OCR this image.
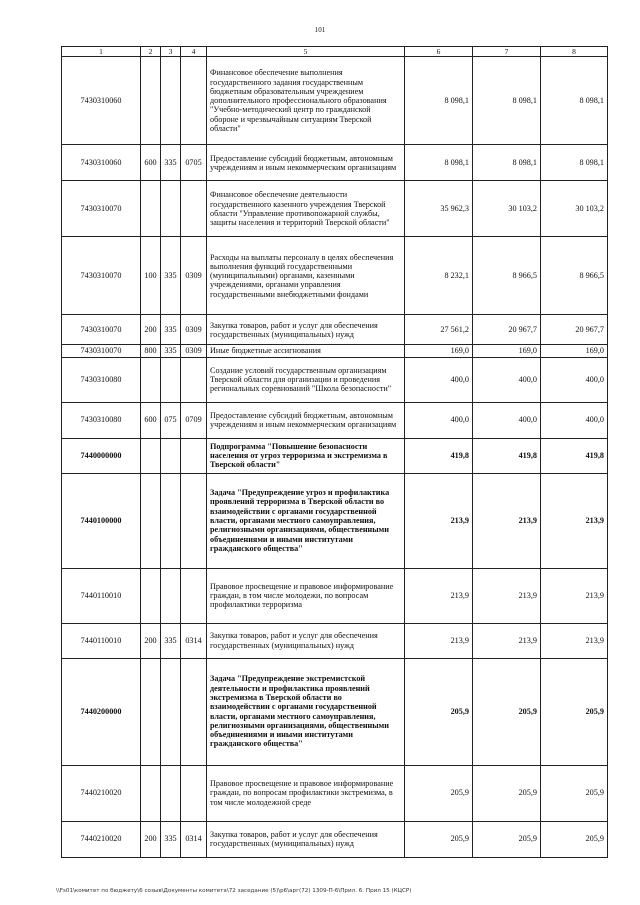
101
1	2	3	4	5	6	7	8
7430310060				Финансовое обеспечение выполнения государственного задания государственным бюджетным образовательным учреждением дополнительного профессионального образования "Учебно-методический центр по гражданской обороне и чрезвычайным ситуациям Тверской области"	8 098,1	8 098,1	8 098,1
7430310060	600	335	0705	Предоставление субсидий бюджетным, автономным учреждениям и иным некоммерческим организациям	8 098,1	8 098,1	8 098,1
7430310070				Финансовое обеспечение деятельности государственного казенного учреждения Тверской области "Управление противопожарной службы, защиты населения и территорий Тверской области"	35 962,3	30 103,2	30 103,2
7430310070	100	335	0309	Расходы на выплаты персоналу в целях обеспечения выполнения функций государственными (муниципальными) органами, казенными учреждениями, органами управления государственными внебюджетными фондами	8 232,1	8 966,5	8 966,5
7430310070	200	335	0309	Закупка товаров, работ и услуг для обеспечения государственных (муниципальных) нужд	27 561,2	20 967,7	20 967,7
7430310070	800	335	0309	Иные бюджетные ассигнования	169,0	169,0	169,0
7430310080				Создание условий государственным организациям Тверской области для организации и проведения региональных соревнований "Школа безопасности"	400,0	400,0	400,0
7430310080	600	075	0709	Предоставление субсидий бюджетным, автономным учреждениям и иным некоммерческим организациям	400,0	400,0	400,0
7440000000				Подпрограмма "Повышение безопасности населения от угроз терроризма и экстремизма в Тверской области"	419,8	419,8	419,8
7440100000				Задача "Предупреждение угроз и профилактика проявлений терроризма в Тверской области во взаимодействии с органами государственной власти, органами местного самоуправления, религиозными организациями, общественными объединениями и иными институтами гражданского общества"	213,9	213,9	213,9
7440110010				Правовое просвещение и правовое информирование граждан, в том числе молодежи, по вопросам профилактики терроризма	213,9	213,9	213,9
7440110010	200	335	0314	Закупка товаров, работ и услуг для обеспечения государственных (муниципальных) нужд	213,9	213,9	213,9
7440200000				Задача "Предупреждение экстремистской деятельности и профилактика проявлений экстремизма в Тверской области во взаимодействии с органами государственной власти, органами местного самоуправления, религиозными организациями, общественными объединениями и иными институтами гражданского общества"	205,9	205,9	205,9
7440210020				Правовое просвещение и правовое информирование граждан, по вопросам профилактики экстремизма, в том числе молодежной среде	205,9	205,9	205,9
7440210020	200	335	0314	Закупка товаров, работ и услуг для обеспечения государственных (муниципальных) нужд	205,9	205,9	205,9
\\Fs01\комитет по бюджету\6 созыв\Документы комитета\72 заседание (5)\р6\арг(72) 1309-П-6\Прил. 6. Прил 15 (КЦСР)
